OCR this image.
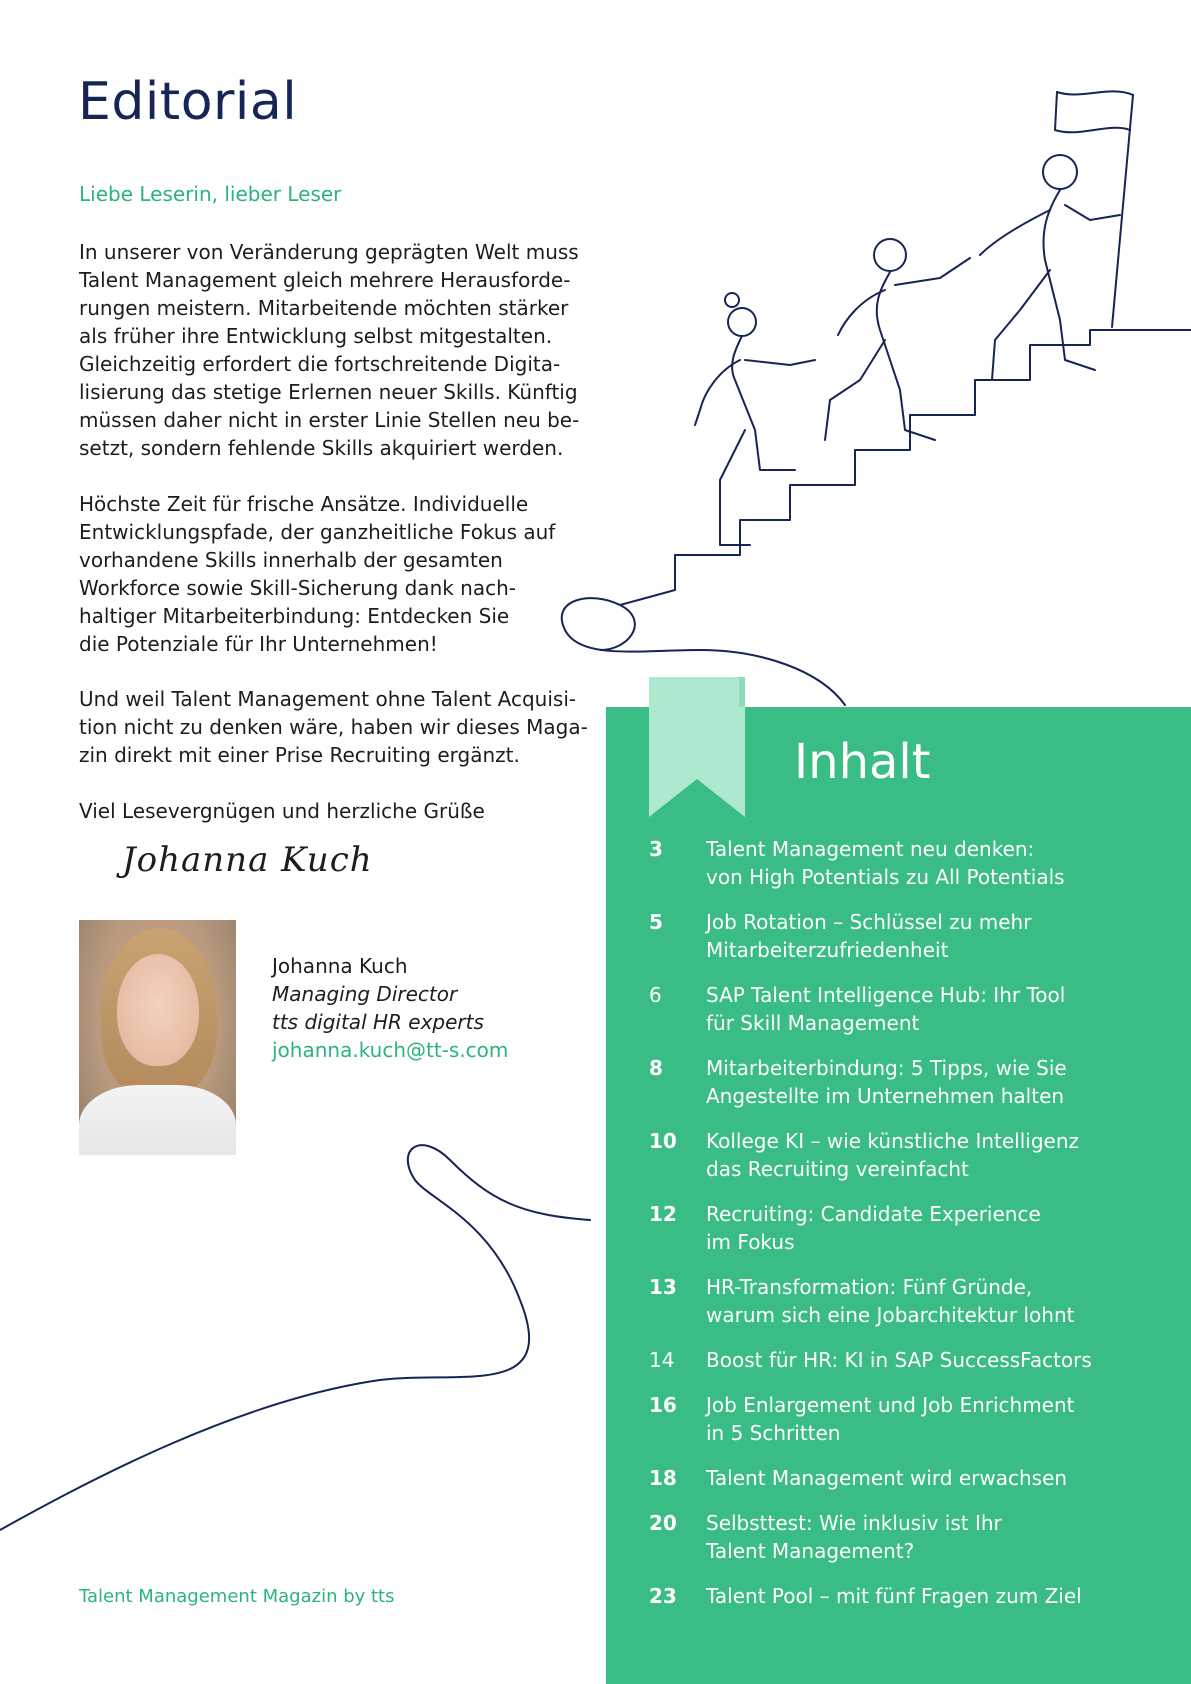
Editorial

Liebe Leserin, lieber Leser

In unserer von Veränderung geprägten Welt muss
Talent Management gleich mehrere Herausforde-
rungen meistern. Mitarbeitende möchten stärker
als früher ihre Entwicklung selbst mitgestalten.
Gleichzeitig erfordert die fortschreitende Digita-
lisierung das stetige Erlernen neuer Skills. Künftig
müssen daher nicht in erster Linie Stellen neu be-
setzt, sondern fehlende Skills akquiriert werden.

Höchste Zeit für frische Ansätze. Individuelle
Entwicklungspfade, der ganzheitliche Fokus auf
vorhandene Skills innerhalb der gesamten
Workforce sowie Skill-Sicherung dank nach-
haltiger Mitarbeiterbindung: Entdecken Sie
die Potenziale für Ihr Unternehmen!

Und weil Talent Management ohne Talent Acquisi-
tion nicht zu denken wäre, haben wir dieses Maga-
zin direkt mit einer Prise Recruiting ergänzt.

Viel Lesevergnügen und herzliche Grüße

Johanna Kuch

Johanna Kuch
Managing Director
tts digital HR experts
johanna.kuch@tt-s.com

Talent Management Magazin by tts

Inhalt
3	Talent Management neu denken:
von High Potentials zu All Potentials
5	Job Rotation – Schlüssel zu mehr
Mitarbeiterzufriedenheit
6	SAP Talent Intelligence Hub: Ihr Tool
für Skill Management
8	Mitarbeiterbindung: 5 Tipps, wie Sie
Angestellte im Unternehmen halten
10	Kollege KI – wie künstliche Intelligenz
das Recruiting vereinfacht
12	Recruiting: Candidate Experience
im Fokus
13	HR-Transformation: Fünf Gründe,
warum sich eine Jobarchitektur lohnt
14	Boost für HR: KI in SAP SuccessFactors
16	Job Enlargement und Job Enrichment
in 5 Schritten
18	Talent Management wird erwachsen
20	Selbsttest: Wie inklusiv ist Ihr
Talent Management?
23	Talent Pool – mit fünf Fragen zum Ziel
